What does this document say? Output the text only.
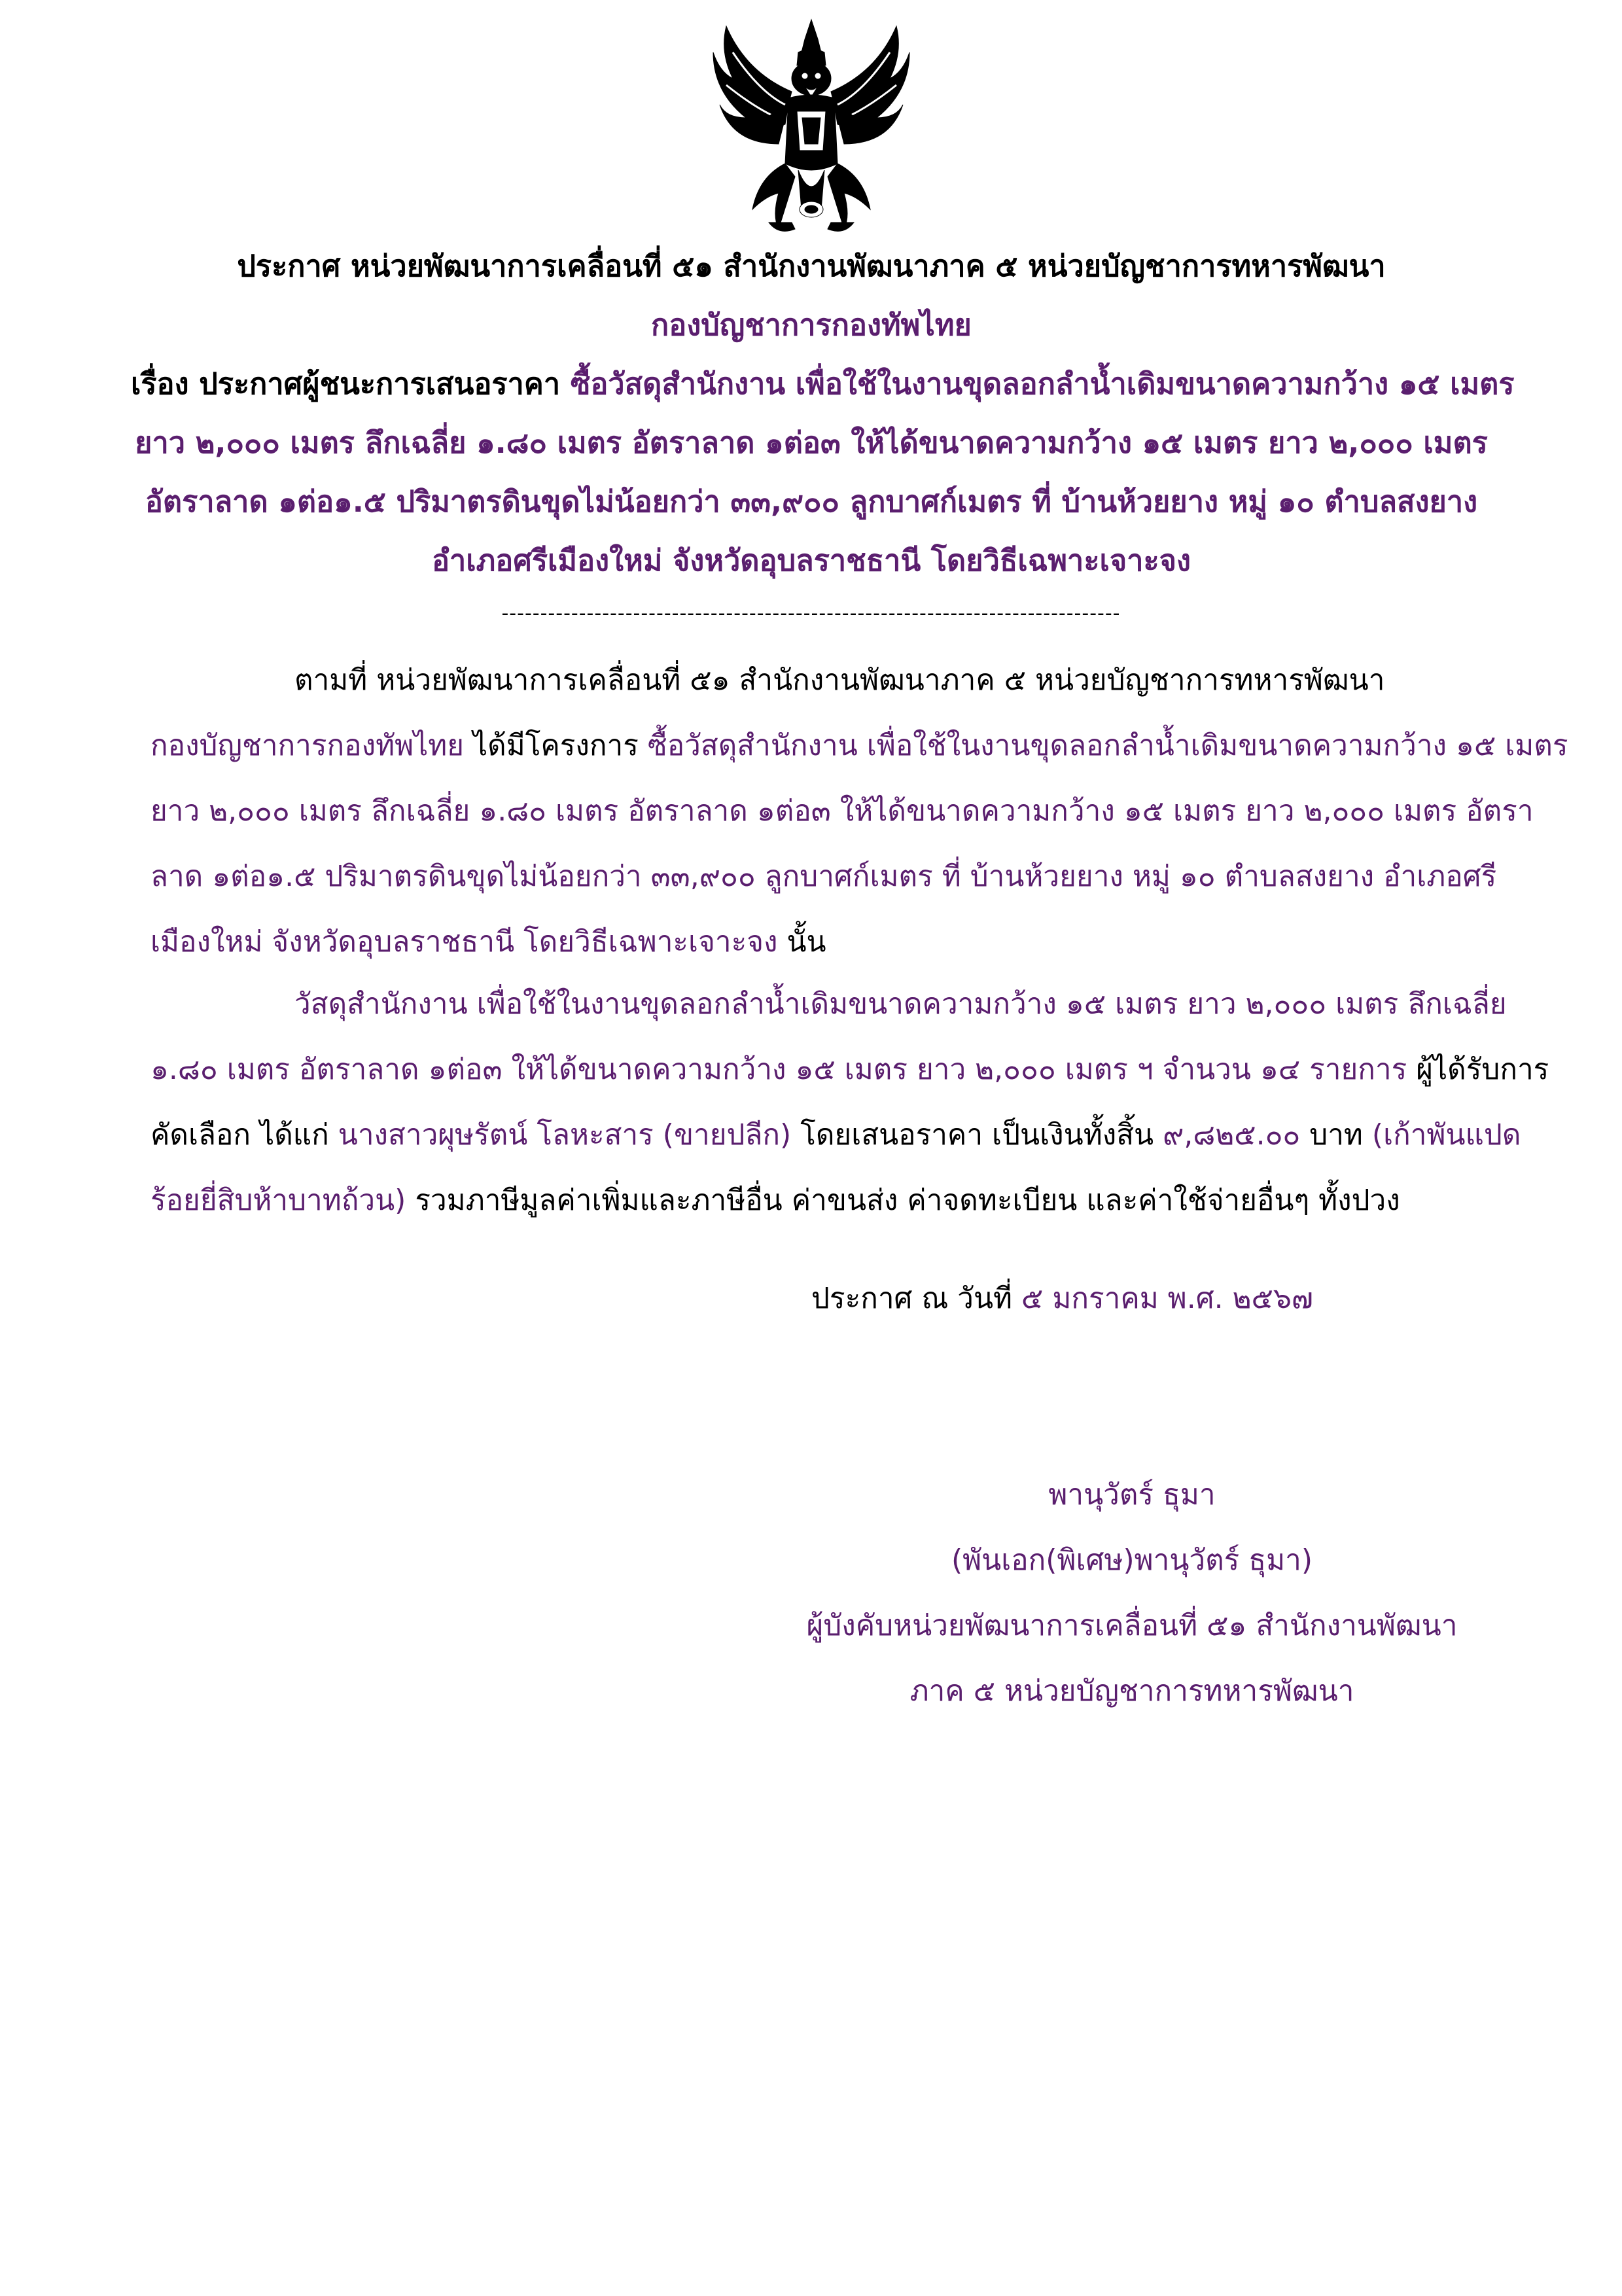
ประกาศ หน่วยพัฒนาการเคลื่อนที่ ๕๑ สำนักงานพัฒนาภาค ๕ หน่วยบัญชาการทหารพัฒนา
กองบัญชาการกองทัพไทย
เรื่อง ประกาศผู้ชนะการเสนอราคา ซื้อวัสดุสำนักงาน เพื่อใช้ในงานขุดลอกลำน้ำเดิมขนาดความกว้าง ๑๕ เมตร
ยาว ๒,๐๐๐ เมตร ลึกเฉลี่ย ๑.๘๐ เมตร อัตราลาด ๑ต่อ๓ ให้ได้ขนาดความกว้าง ๑๕ เมตร ยาว ๒,๐๐๐ เมตร
อัตราลาด ๑ต่อ๑.๕ ปริมาตรดินขุดไม่น้อยกว่า ๓๓,๙๐๐ ลูกบาศก์เมตร ที่ บ้านห้วยยาง หมู่ ๑๐ ตำบลสงยาง
อำเภอศรีเมืองใหม่ จังหวัดอุบลราชธานี โดยวิธีเฉพาะเจาะจง
--------------------------------------------------------------------------------
ตามที่ หน่วยพัฒนาการเคลื่อนที่ ๕๑ สำนักงานพัฒนาภาค ๕ หน่วยบัญชาการทหารพัฒนา
กองบัญชาการกองทัพไทย ได้มีโครงการ ซื้อวัสดุสำนักงาน เพื่อใช้ในงานขุดลอกลำน้ำเดิมขนาดความกว้าง ๑๕ เมตร
ยาว ๒,๐๐๐ เมตร ลึกเฉลี่ย ๑.๘๐ เมตร อัตราลาด ๑ต่อ๓ ให้ได้ขนาดความกว้าง ๑๕ เมตร ยาว ๒,๐๐๐ เมตร อัตรา
ลาด ๑ต่อ๑.๕ ปริมาตรดินขุดไม่น้อยกว่า ๓๓,๙๐๐ ลูกบาศก์เมตร ที่ บ้านห้วยยาง หมู่ ๑๐ ตำบลสงยาง อำเภอศรี
เมืองใหม่ จังหวัดอุบลราชธานี โดยวิธีเฉพาะเจาะจง นั้น
วัสดุสำนักงาน เพื่อใช้ในงานขุดลอกลำน้ำเดิมขนาดความกว้าง ๑๕ เมตร ยาว ๒,๐๐๐ เมตร ลึกเฉลี่ย
๑.๘๐ เมตร อัตราลาด ๑ต่อ๓ ให้ได้ขนาดความกว้าง ๑๕ เมตร ยาว ๒,๐๐๐ เมตร ฯ จำนวน ๑๔ รายการ ผู้ได้รับการ
คัดเลือก ได้แก่ นางสาวผุษรัตน์ โลหะสาร (ขายปลีก) โดยเสนอราคา เป็นเงินทั้งสิ้น ๙,๘๒๕.๐๐ บาท (เก้าพันแปด
ร้อยยี่สิบห้าบาทถ้วน) รวมภาษีมูลค่าเพิ่มและภาษีอื่น ค่าขนส่ง ค่าจดทะเบียน และค่าใช้จ่ายอื่นๆ ทั้งปวง
ประกาศ ณ วันที่ ๕ มกราคม พ.ศ. ๒๕๖๗
พานุวัตร์ ธุมา
(พันเอก(พิเศษ)พานุวัตร์ ธุมา)
ผู้บังคับหน่วยพัฒนาการเคลื่อนที่ ๕๑ สำนักงานพัฒนา
ภาค ๕ หน่วยบัญชาการทหารพัฒนา
